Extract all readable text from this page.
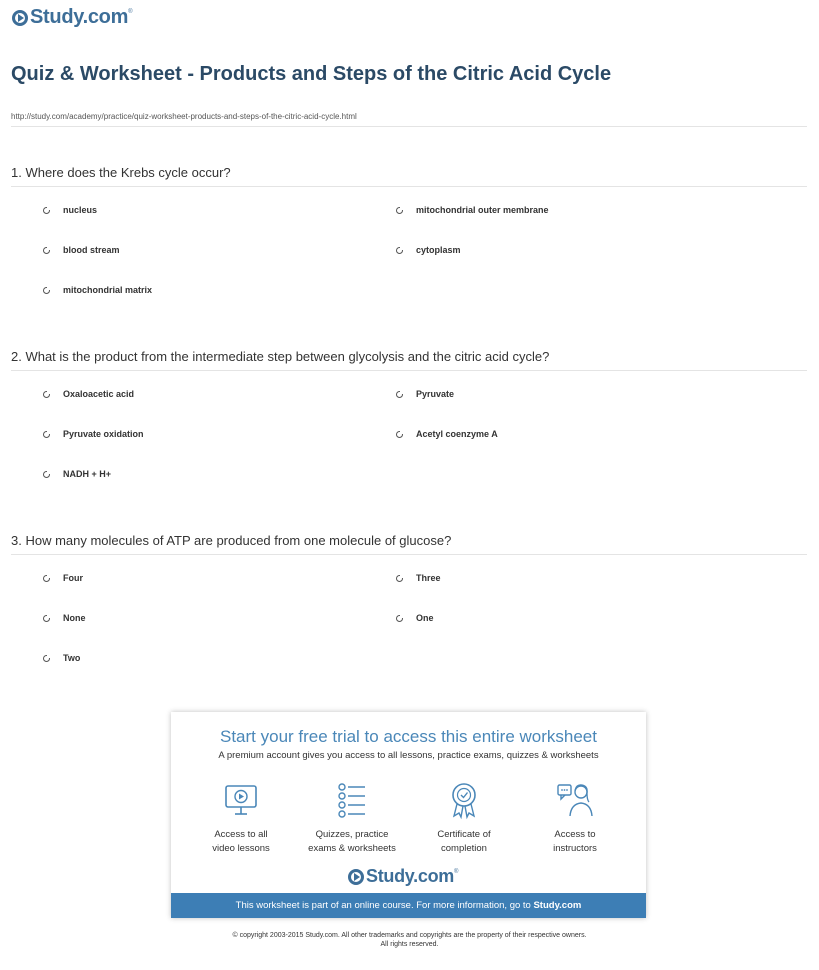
Study.com ®
Quiz & Worksheet - Products and Steps of the Citric Acid Cycle
http://study.com/academy/practice/quiz-worksheet-products-and-steps-of-the-citric-acid-cycle.html
1. Where does the Krebs cycle occur?
nucleus	mitochondrial outer membrane
blood stream	cytoplasm
mitochondrial matrix
2. What is the product from the intermediate step between glycolysis and the citric acid cycle?
Oxaloacetic acid	Pyruvate
Pyruvate oxidation	Acetyl coenzyme A
NADH + H+
3. How many molecules of ATP are produced from one molecule of glucose?
Four	Three
None	One
Two
Start your free trial to access this entire worksheet
A premium account gives you access to all lessons, practice exams, quizzes & worksheets
Access to all
video lessons
Quizzes, practice
exams & worksheets
Certificate of
completion
Access to
instructors
Study.com ®
This worksheet is part of an online course. For more information, go to Study.com
© copyright 2003-2015 Study.com. All other trademarks and copyrights are the property of their respective owners.
All rights reserved.
